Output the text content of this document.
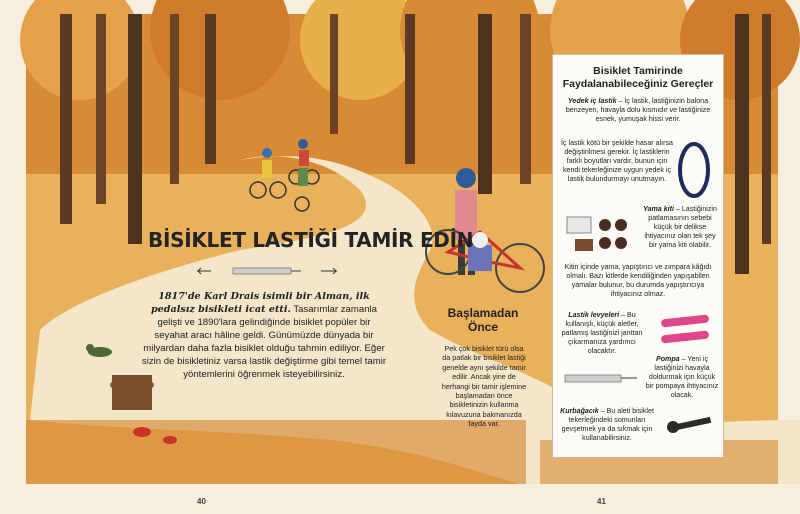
BİSİKLET LASTİĞİ TAMİR EDİN
1817'de Karl Drais isimli bir Alman, ilk pedalsız bisikleti icat etti. Tasarımlar zamanla gelişti ve 1890'lara gelindiğinde bisiklet popüler bir seyahat aracı hâline geldi. Günümüzde dünyada bir milyardan daha fazla bisiklet olduğu tahmin ediliyor. Eğer sizin de bisikletiniz varsa lastik değiştirme gibi temel tamir yöntemlerini öğrenmek isteyebilirsiniz.
Başlamadan Önce
Pek çok bisiklet türü olsa da patlak bir bisiklet lastiği genelde aynı şekilde tamir edilir. Ancak yine de herhangi bir tamir işlemine başlamadan önce bisikletinizin kullanma kılavuzuna bakmanızda fayda var.
Bisiklet Tamirinde Faydalanabileceğiniz Gereçler
Yedek iç lastik – İç lastik, lastiğinizin balona benzeyen, havayla dolu kısmıdır ve lastiğinize esnek, yumuşak hissi verir.
İç lastik kötü bir şekilde hasar alırsa değiştirilmesi gerekir. İç lastiklerin farklı boyutları vardır, bunun için kendi tekerleğinize uygun yedek iç lastik bulundurmayı unutmayın.
Yama kiti – Lastiğinizin patlamasının sebebi küçük bir delikse ihtiyacınız olan tek şey bir yama kiti olabilir.
Kitin içinde yama, yapıştırıcı ve zımpara kâğıdı olmalı. Bazı kitlerde kendiliğinden yapışabilen yamalar bulunur, bu durumda yapıştırıcıya ihtiyacınız olmaz.
Lastik levyeleri – Bu kullanışlı, küçük aletler, patlamış lastiğinizi janttan çıkarmanıza yardımcı olacaktır.
Pompa – Yeni iç lastiğinizi havayla doldurmak için küçük bir pompaya ihtiyacınız olacak.
Kurbağacık – Bu aleti bisiklet tekerleğindeki somunları gevşetmek ya da sıkmak için kullanabilirsiniz.
40	41
